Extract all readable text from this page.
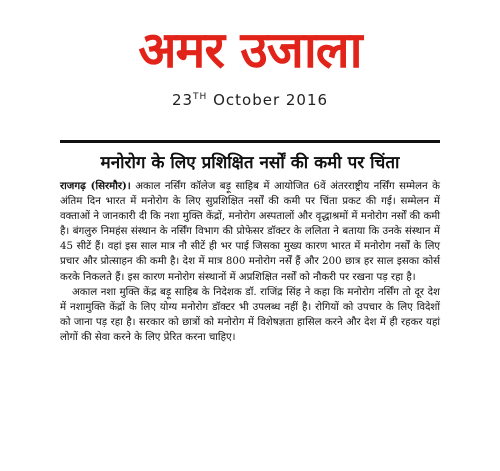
अमर उजाला
23TH October 2016
मनोरोग के लिए प्रशिक्षित नर्सों की कमी पर चिंता

राजगढ़ (सिरमौर)। अकाल नर्सिंग कॉलेज बड़ू साहिब में आयोजित 6वें अंतरराष्ट्रीय नर्सिंग सम्मेलन के अंतिम दिन भारत में मनोरोग के लिए सुप्रशिक्षित नर्सों की कमी पर चिंता प्रकट की गई। सम्मेलन में वक्ताओं ने जानकारी दी कि नशा मुक्ति केंद्रों, मनोरोग अस्पतालों और वृद्धाश्रमों में मनोरोग नर्सों की कमी है। बंगलुरु निमहंस संस्थान के नर्सिंग विभाग की प्रोफेसर डॉक्टर के ललिता ने बताया कि उनके संस्थान में 45 सीटें हैं। वहां इस साल मात्र नौ सीटें ही भर पाई जिसका मुख्य कारण भारत में मनोरोग नर्सों के लिए प्रचार और प्रोत्साहन की कमी है। देश में मात्र 800 मनोरोग नर्सें हैं और 200 छात्र हर साल इसका कोर्स करके निकलते हैं। इस कारण मनोरोग संस्थानों में अप्रशिक्षित नर्सों को नौकरी पर रखना पड़ रहा है।

अकाल नशा मुक्ति केंद्र बड़ू साहिब के निदेशक डॉ. राजिंद्र सिंह ने कहा कि मनोरोग नर्सिंग तो दूर देश में नशामुक्ति केंद्रों के लिए योग्य मनोरोग डॉक्टर भी उपलब्ध नहीं है। रोगियों को उपचार के लिए विदेशों को जाना पड़ रहा है। सरकार को छात्रों को मनोरोग में विशेषज्ञता हासिल करने और देश में ही रहकर यहां लोगों की सेवा करने के लिए प्रेरित करना चाहिए।
